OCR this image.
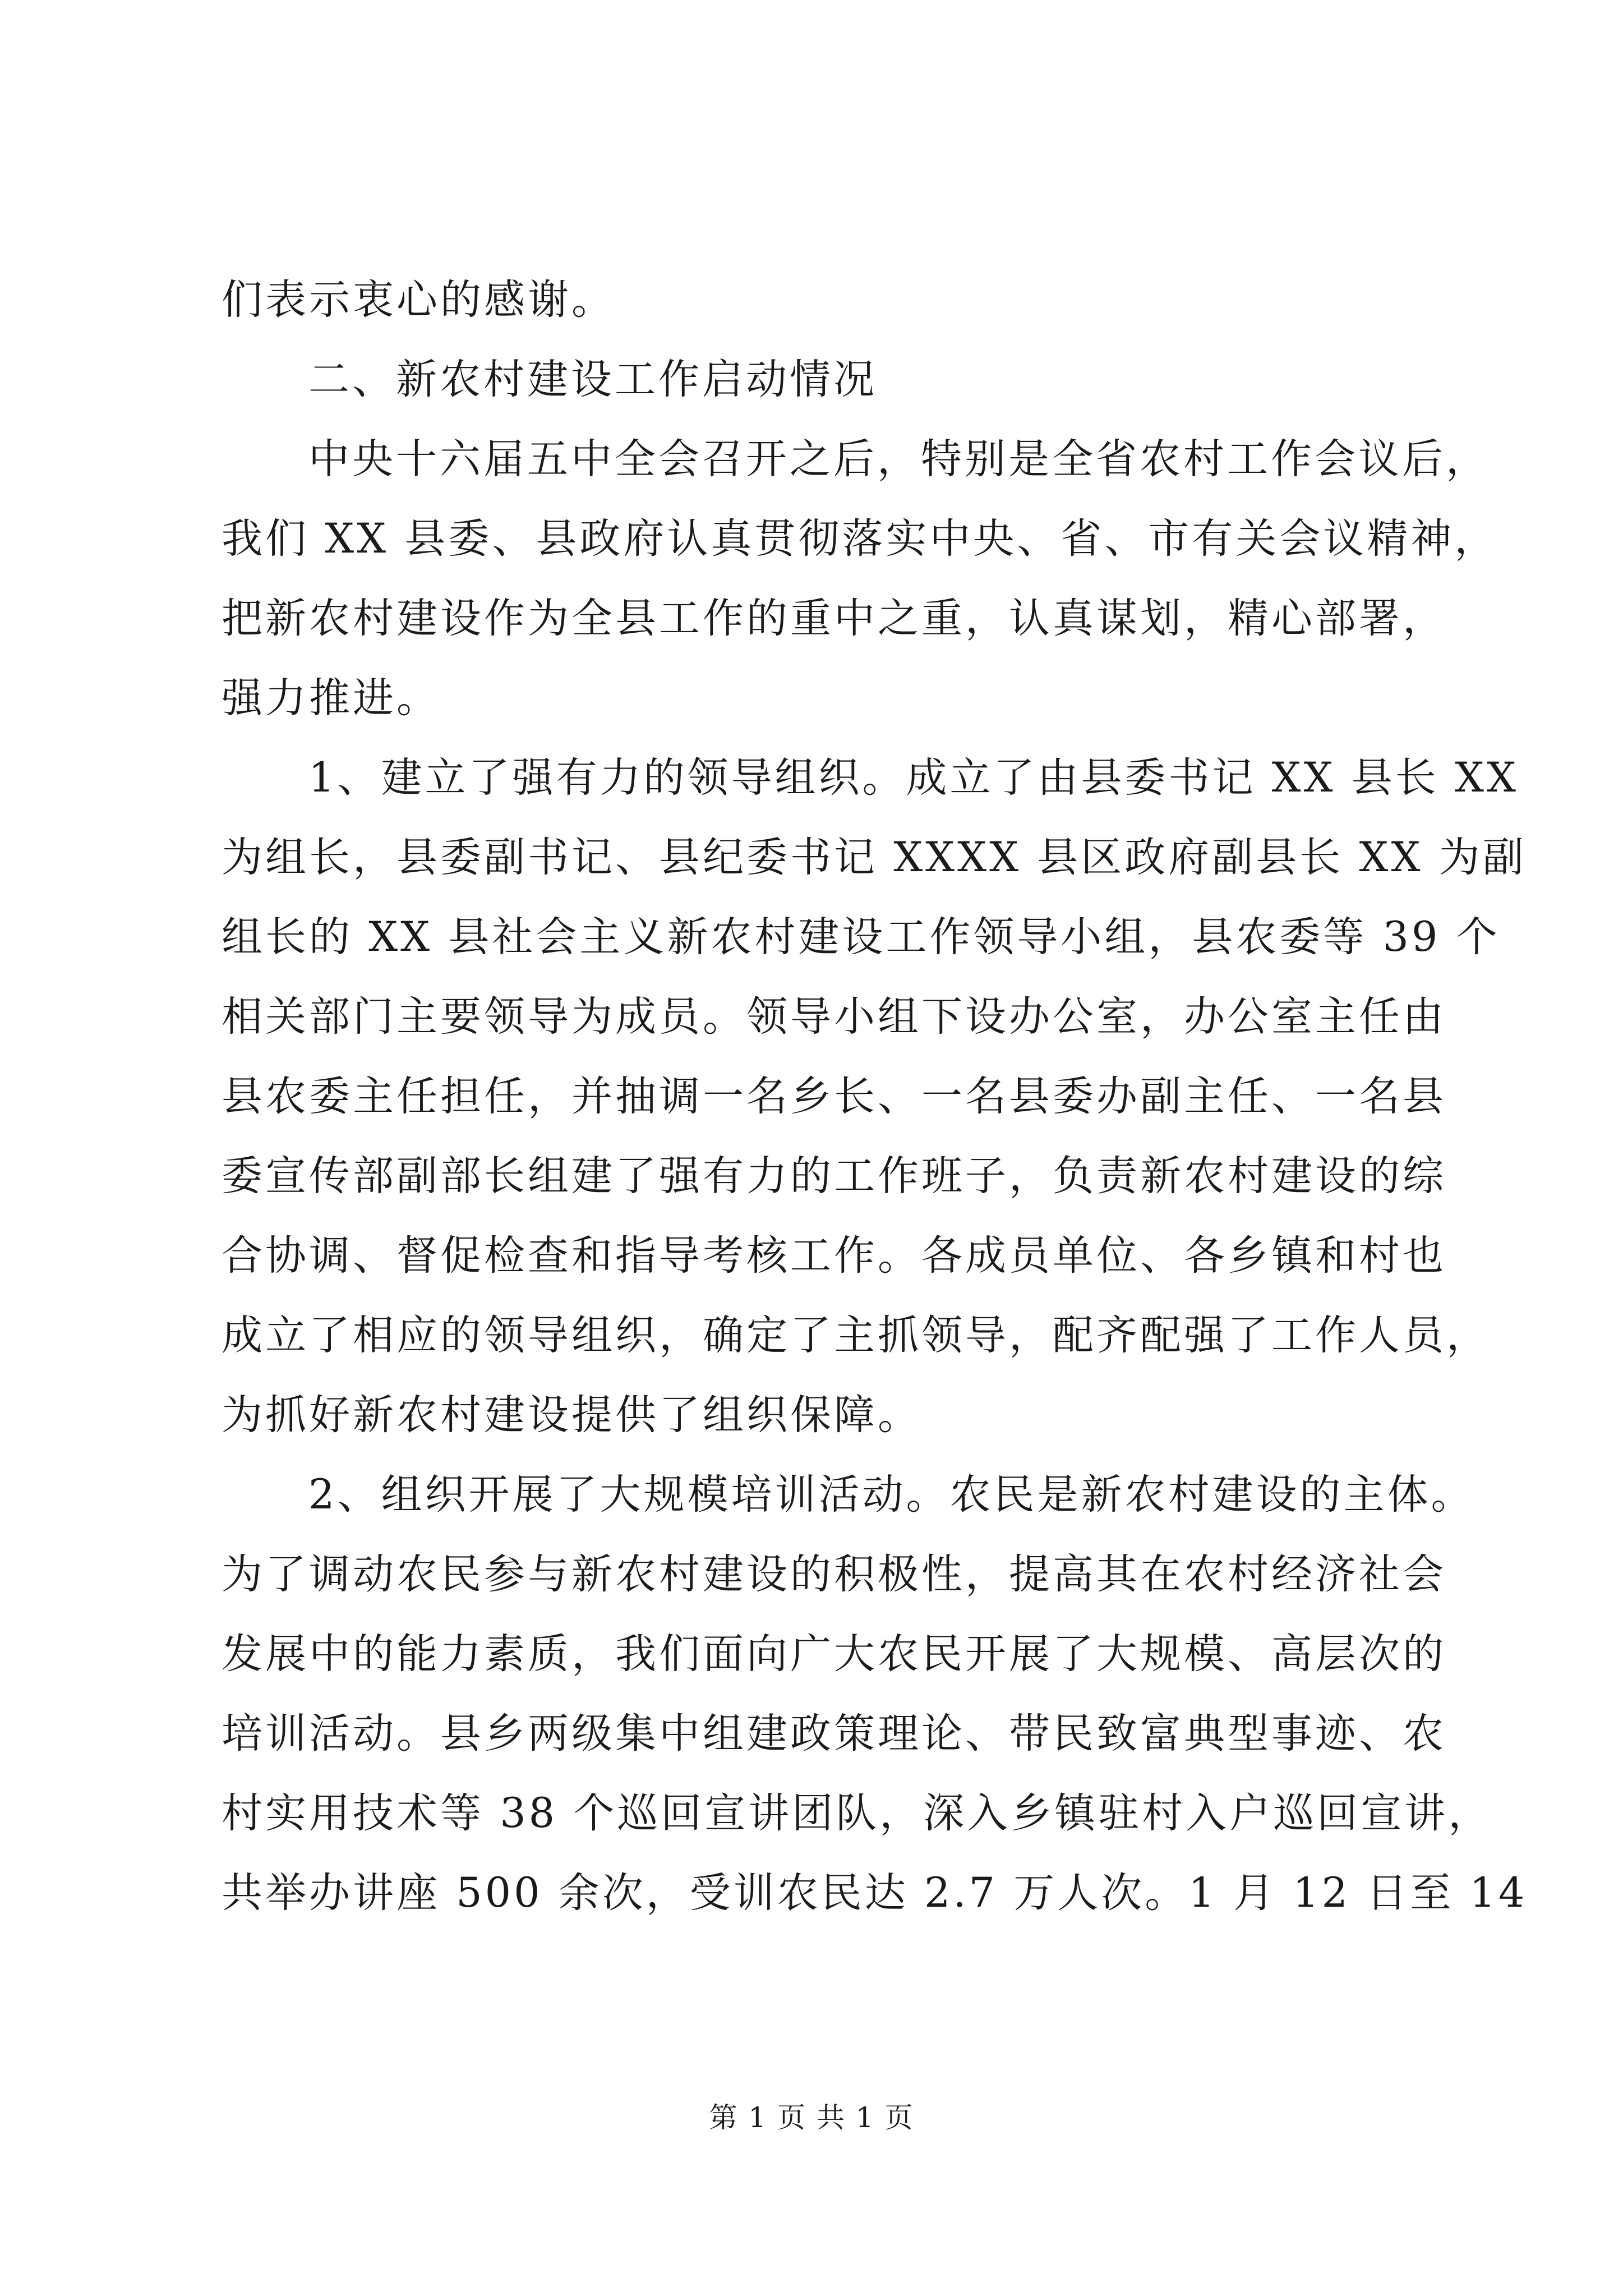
们表示衷心的感谢。
二、新农村建设工作启动情况
中央十六届五中全会召开之后，特别是全省农村工作会议后，
我们 XX 县委、县政府认真贯彻落实中央、省、市有关会议精神，
把新农村建设作为全县工作的重中之重，认真谋划，精心部署，
强力推进。
1、建立了强有力的领导组织。成立了由县委书记 XX 县长 XX
为组长，县委副书记、县纪委书记 XXXX 县区政府副县长 XX 为副
组长的 XX 县社会主义新农村建设工作领导小组，县农委等 39 个
相关部门主要领导为成员。领导小组下设办公室，办公室主任由
县农委主任担任，并抽调一名乡长、一名县委办副主任、一名县
委宣传部副部长组建了强有力的工作班子，负责新农村建设的综
合协调、督促检查和指导考核工作。各成员单位、各乡镇和村也
成立了相应的领导组织，确定了主抓领导，配齐配强了工作人员，
为抓好新农村建设提供了组织保障。
2、组织开展了大规模培训活动。农民是新农村建设的主体。
为了调动农民参与新农村建设的积极性，提高其在农村经济社会
发展中的能力素质，我们面向广大农民开展了大规模、高层次的
培训活动。县乡两级集中组建政策理论、带民致富典型事迹、农
村实用技术等 38 个巡回宣讲团队，深入乡镇驻村入户巡回宣讲，
共举办讲座 500 余次，受训农民达 2.7 万人次。1 月 12 日至 14
第 1 页 共 1 页
